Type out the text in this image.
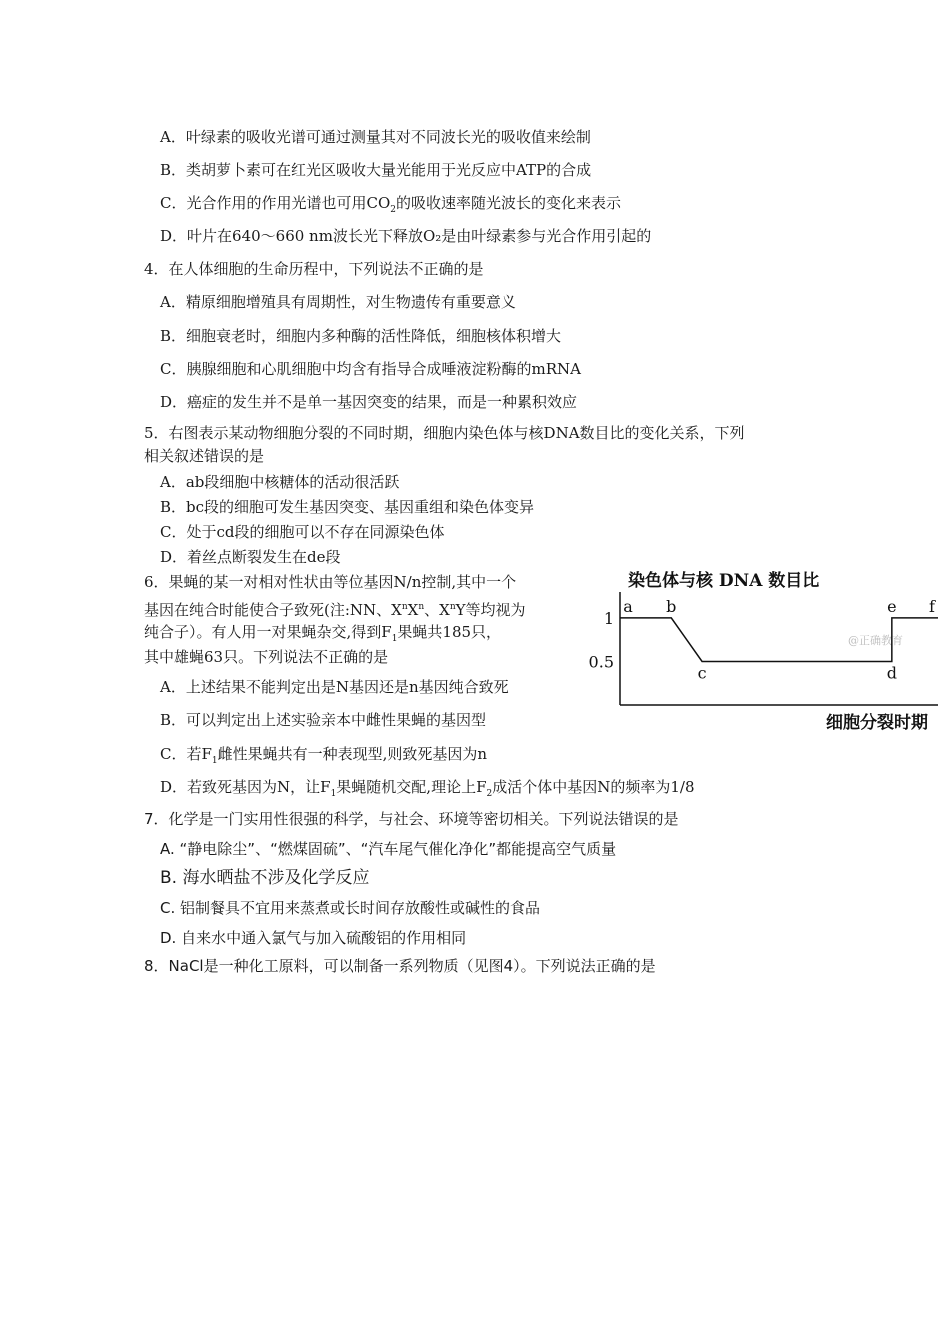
A．叶绿素的吸收光谱可通过测量其对不同波长光的吸收值来绘制
B．类胡萝卜素可在红光区吸收大量光能用于光反应中ATP的合成
C．光合作用的作用光谱也可用$CO_2$的吸收速率随光波长的变化来表示
D．叶片在640～660 nm波长光下释放O₂是由叶绿素参与光合作用引起的
4．在人体细胞的生命历程中，下列说法不正确的是
A．精原细胞增殖具有周期性，对生物遗传有重要意义
B．细胞衰老时，细胞内多种酶的活性降低，细胞核体积增大
C．胰腺细胞和心肌细胞中均含有指导合成唾液淀粉酶的mRNA
D．癌症的发生并不是单一基因突变的结果，而是一种累积效应
5．右图表示某动物细胞分裂的不同时期，细胞内染色体与核DNA数目比的变化关系，下列
相关叙述错误的是
A．ab段细胞中核糖体的活动很活跃
B．bc段的细胞可发生基因突变、基因重组和染色体变异
C．处于cd段的细胞可以不存在同源染色体
D．着丝点断裂发生在de段
6．果蝇的某一对相对性状由等位基因N/n控制,其中一个
基因在纯合时能使合子致死(注:NN、$X^nX^n$、$X^nY$等均视为
纯合子）。有人用一对果蝇杂交,得到$F_1$果蝇共185只，
其中雄蝇63只。下列说法不正确的是
A．上述结果不能判定出是N基因还是n基因纯合致死
B．可以判定出上述实验亲本中雌性果蝇的基因型
C．若$F_1$雌性果蝇共有一种表现型,则致死基因为n
D．若致死基因为N，让$F_1$果蝇随机交配,理论上$F_2$成活个体中基因N的频率为1/8
7．化学是一门实用性很强的科学，与社会、环境等密切相关。下列说法错误的是
A. “静电除尘”、“燃煤固硫”、“汽车尾气催化净化”都能提高空气质量
B. 海水晒盐不涉及化学反应
C. 铝制餐具不宜用来蒸煮或长时间存放酸性或碱性的食品
D. 自来水中通入氯气与加入硫酸铝的作用相同
8．NaCl是一种化工原料，可以制备一系列物质（见图4）。下列说法正确的是
染色体与核 DNA 数目比
细胞分裂时期
@正确教育
1
0.5
a b
c	d
e f
